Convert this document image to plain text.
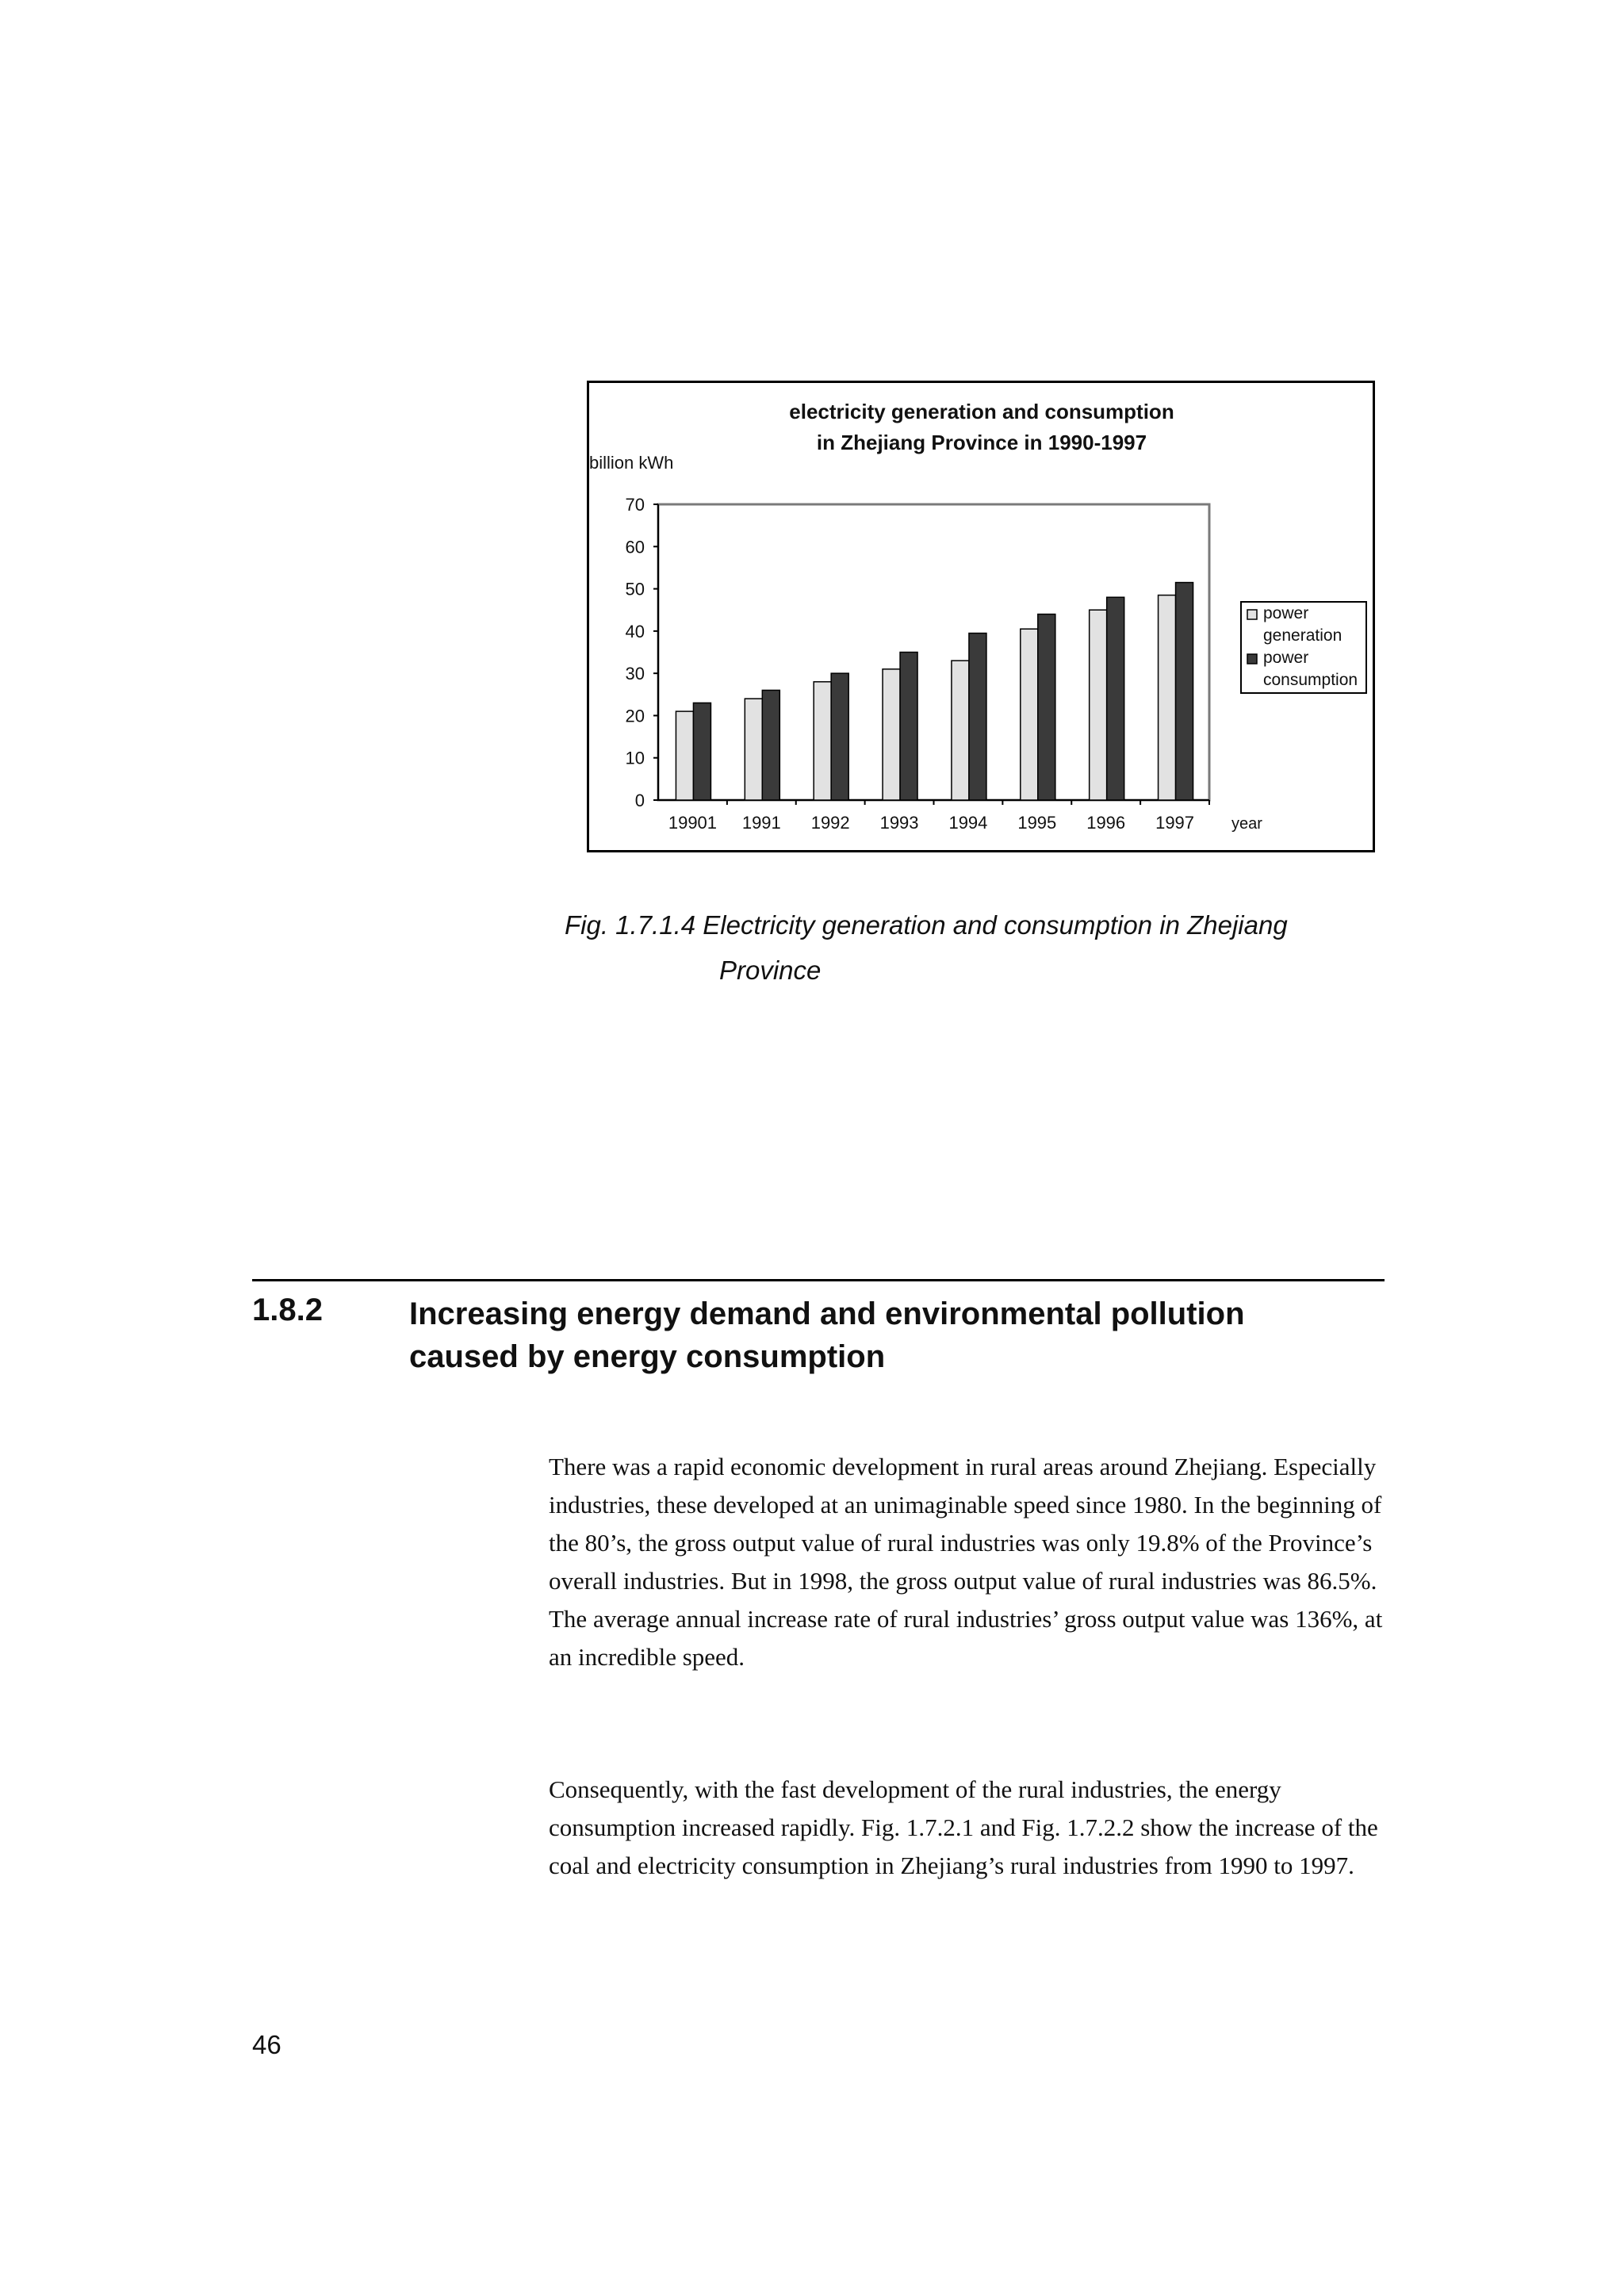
electricity generation and consumption
in Zhejiang Province in 1990-1997
billion kWh
year
0
10
20
30
40
50
60
70
19901 1991 1992 1993 1994 1995 1996 1997
power
generation
power
consumption
Fig. 1.7.1.4 Electricity generation and consumption in Zhejiang
Province
1.8.2	Increasing energy demand and environmental pollution
caused by energy consumption

There was a rapid economic development in rural areas around Zhejiang. Especially industries, these developed at an unimaginable speed since 1980. In the beginning of the 80’s, the gross output value of rural industries was only 19.8% of the Province’s overall industries. But in 1998, the gross output value of rural industries was 86.5%. The average annual increase rate of rural industries’ gross output value was 136%, at an incredible speed.

Consequently, with the fast development of the rural industries, the energy consumption increased rapidly. Fig. 1.7.2.1 and Fig. 1.7.2.2 show the increase of the coal and electricity consumption in Zhejiang’s rural industries from 1990 to 1997.

46
